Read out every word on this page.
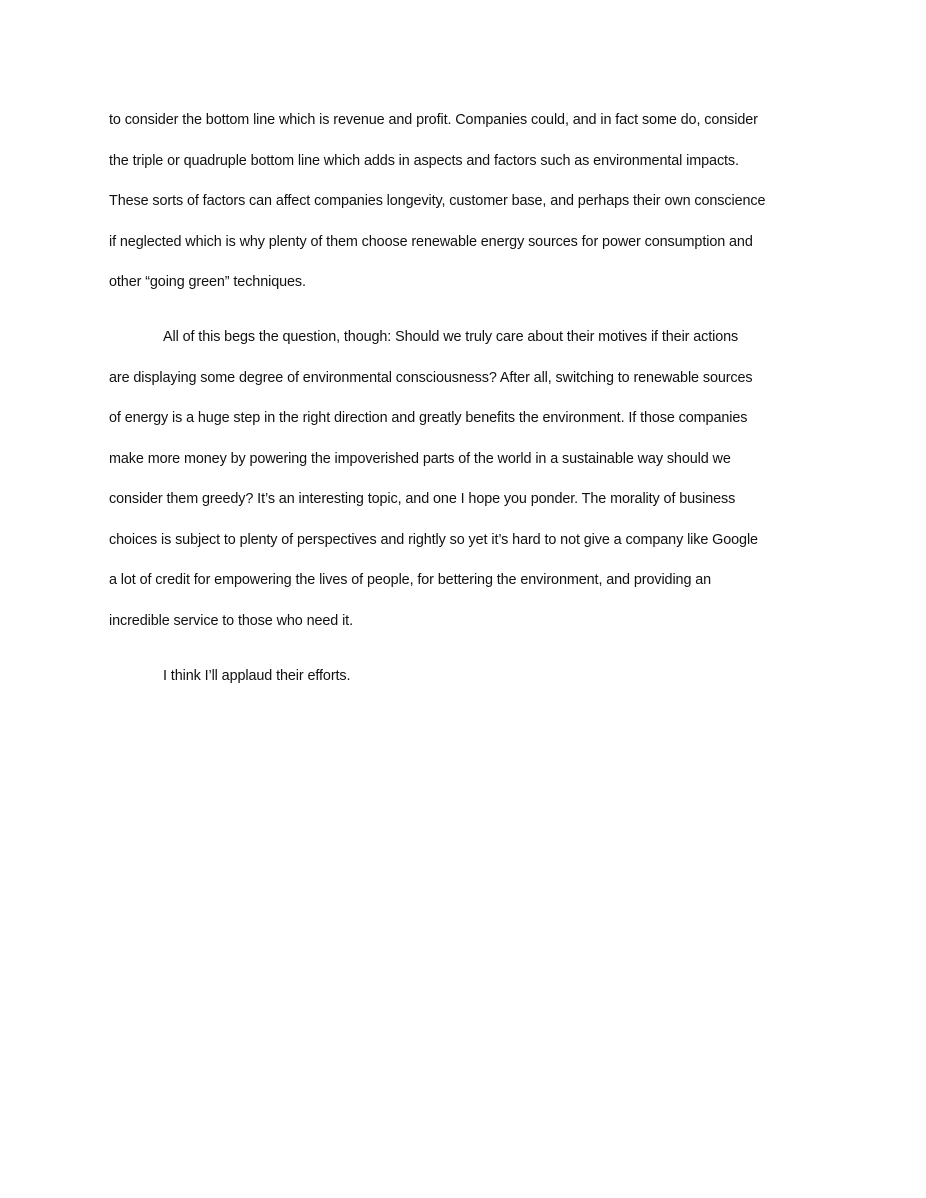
to consider the bottom line which is revenue and profit. Companies could, and in fact some do, consider
the triple or quadruple bottom line which adds in aspects and factors such as environmental impacts.
These sorts of factors can affect companies longevity, customer base, and perhaps their own conscience
if neglected which is why plenty of them choose renewable energy sources for power consumption and
other “going green” techniques.
All of this begs the question, though: Should we truly care about their motives if their actions
are displaying some degree of environmental consciousness? After all, switching to renewable sources
of energy is a huge step in the right direction and greatly benefits the environment. If those companies
make more money by powering the impoverished parts of the world in a sustainable way should we
consider them greedy? It’s an interesting topic, and one I hope you ponder. The morality of business
choices is subject to plenty of perspectives and rightly so yet it’s hard to not give a company like Google
a lot of credit for empowering the lives of people, for bettering the environment, and providing an
incredible service to those who need it.
I think I’ll applaud their efforts.
